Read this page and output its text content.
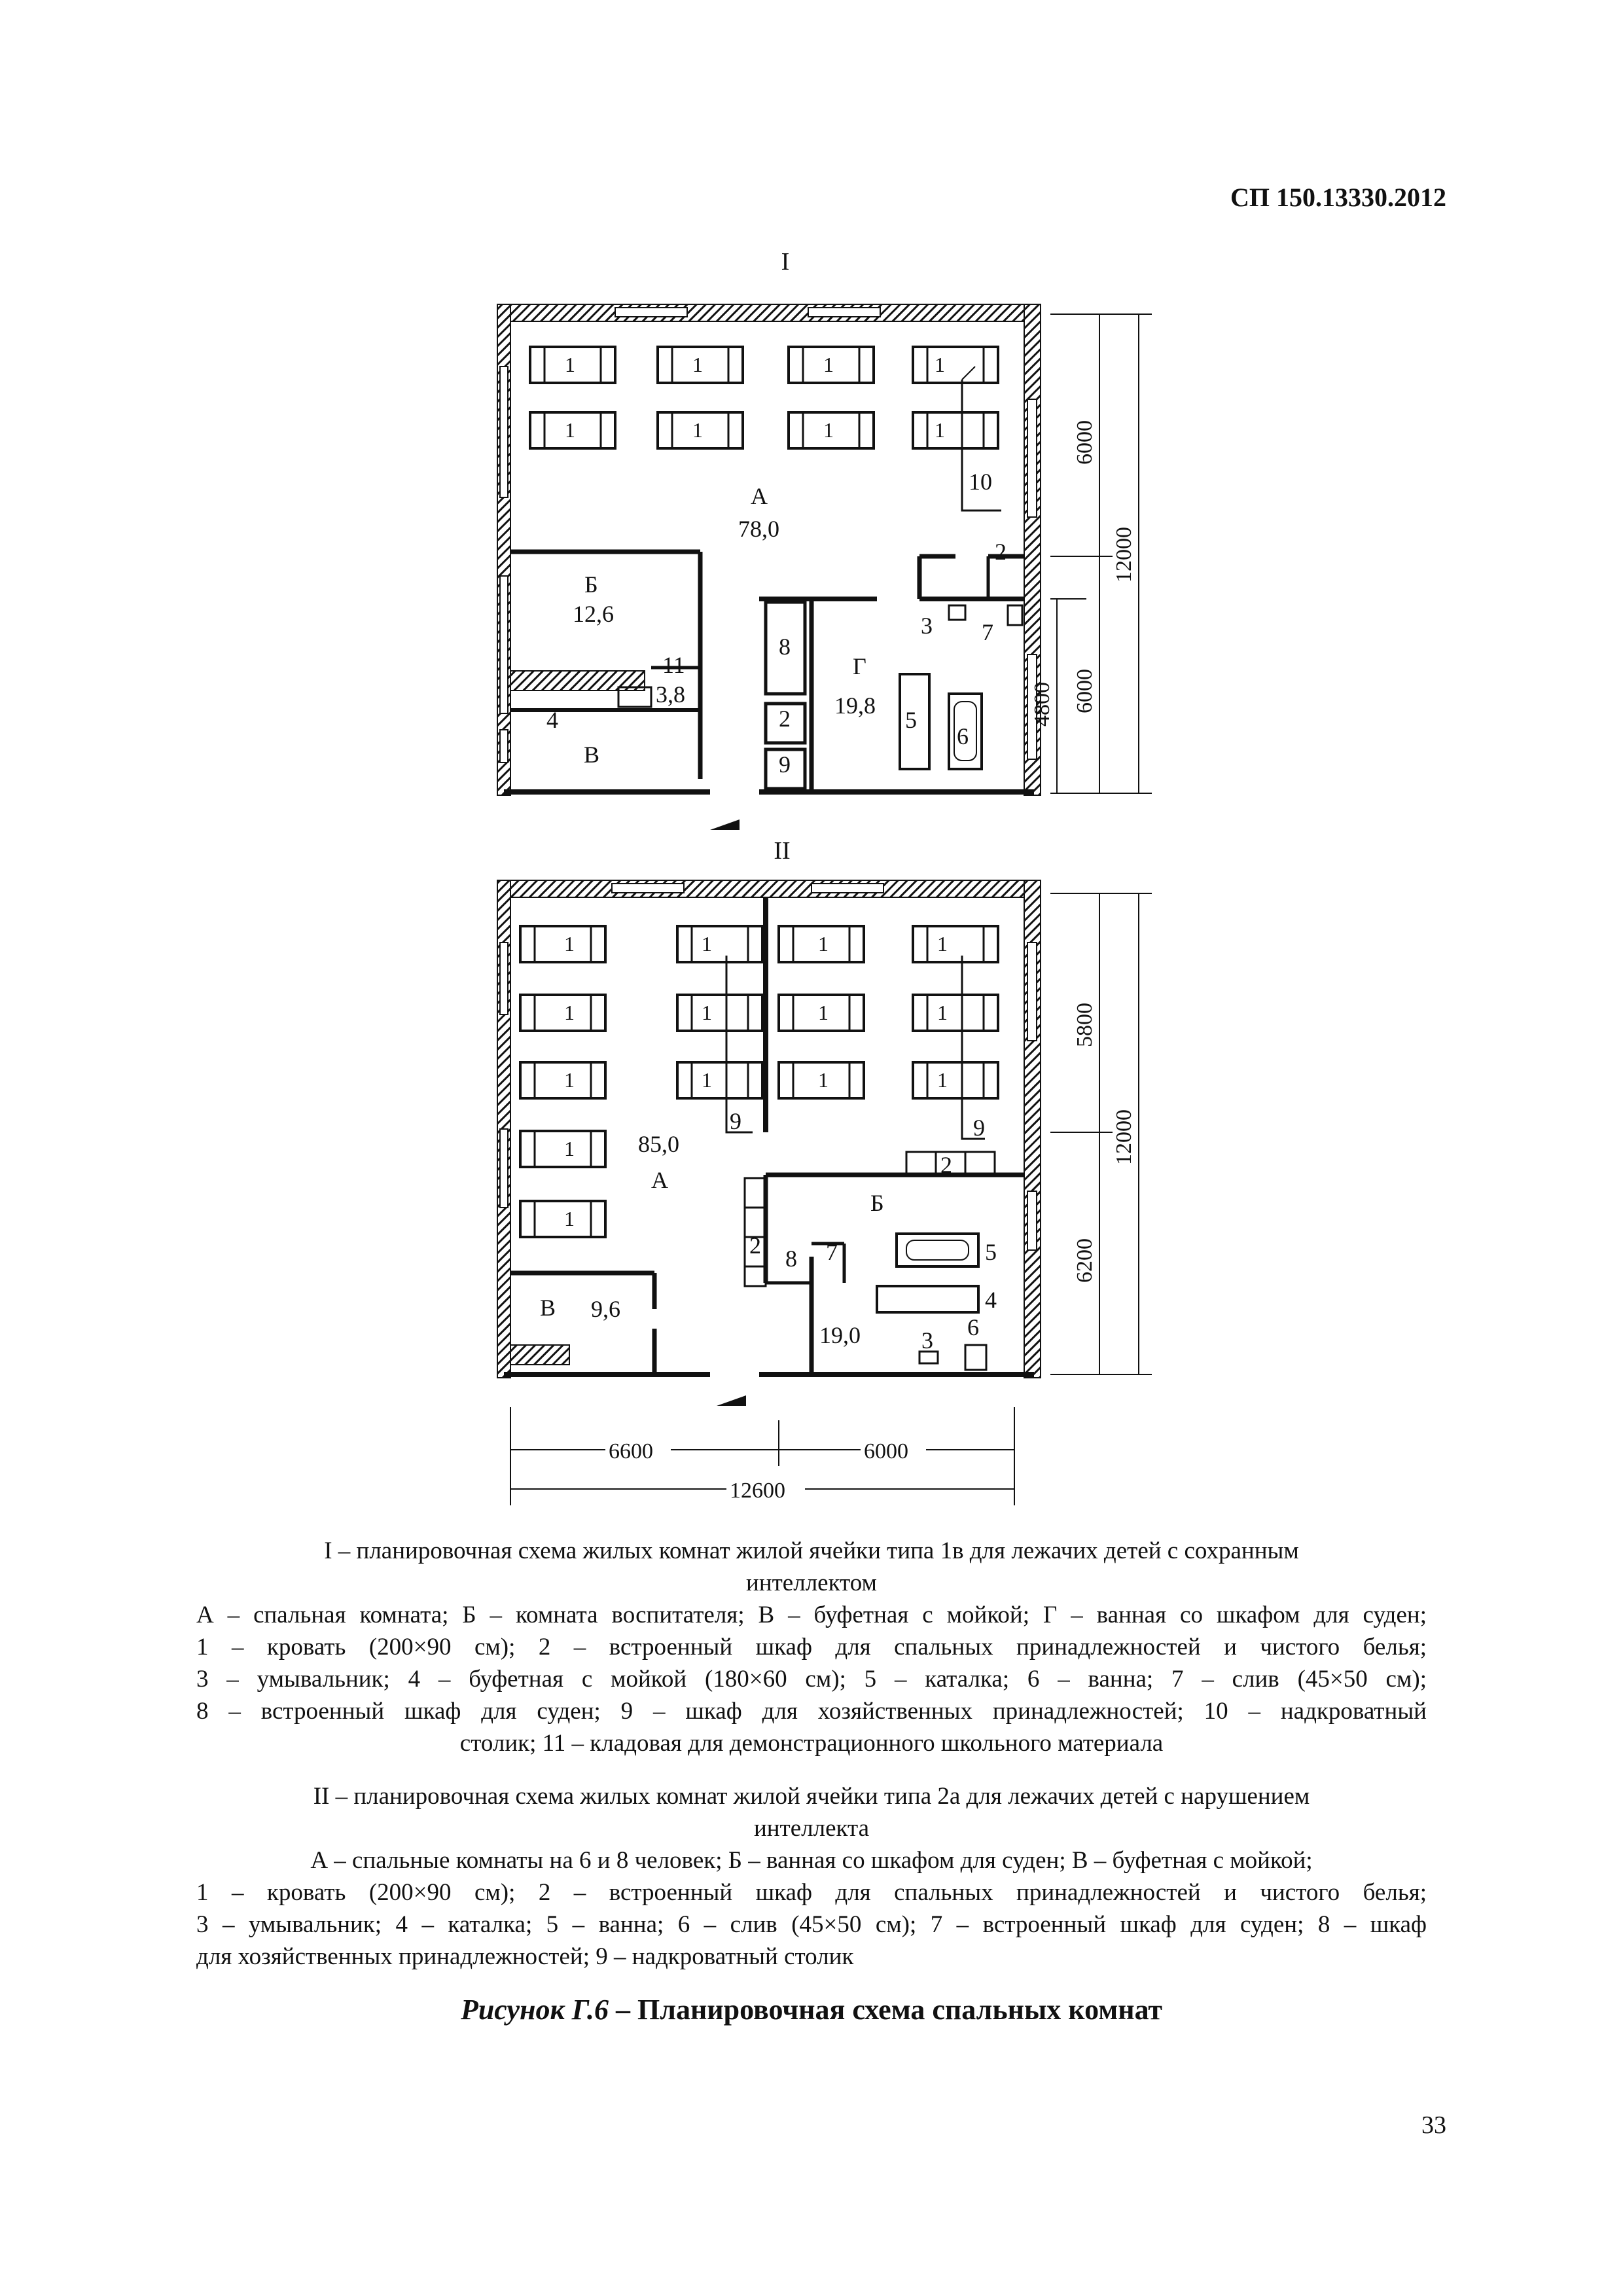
СП 150.13330.2012
I
II
1	1	1	1
1	1	1	1
А
78,0
Б
12,6
В
Г
19,8
11
3,8
8
2
9
4	5
6
3 7
2
10
6000
6000
4800
12000
1	1	1	1
1	1	1	1
1	1	1	1
1
1
85,0
А
Б
19,0
В 9,6
9	9
2
2 8 7	5
4
6
3
5800
6200
12000
6600	6000
12600
I – планировочная схема жилых комнат жилой ячейки типа 1в для лежачих детей с сохранным
интеллектом
А – спальная комната; Б – комната воспитателя; В – буфетная с мойкой; Г – ванная со шкафом для суден;
1 – кровать (200×90 см); 2 – встроенный шкаф для спальных принадлежностей и чистого белья;
3 – умывальник; 4 – буфетная с мойкой (180×60 см); 5 – каталка; 6 – ванна; 7 – слив (45×50 см);
8 – встроенный шкаф для суден; 9 – шкаф для хозяйственных принадлежностей; 10 – надкроватный
столик; 11 – кладовая для демонстрационного школьного материала
II – планировочная схема жилых комнат жилой ячейки типа 2а для лежачих детей с нарушением
интеллекта
А – спальные комнаты на 6 и 8 человек; Б – ванная со шкафом для суден; В – буфетная с мойкой;
1 – кровать (200×90 см); 2 – встроенный шкаф для спальных принадлежностей и чистого белья;
3 – умывальник; 4 – каталка; 5 – ванна; 6 – слив (45×50 см); 7 – встроенный шкаф для суден; 8 – шкаф
для хозяйственных принадлежностей; 9 – надкроватный столик
Рисунок Г.6 – Планировочная схема спальных комнат
33
